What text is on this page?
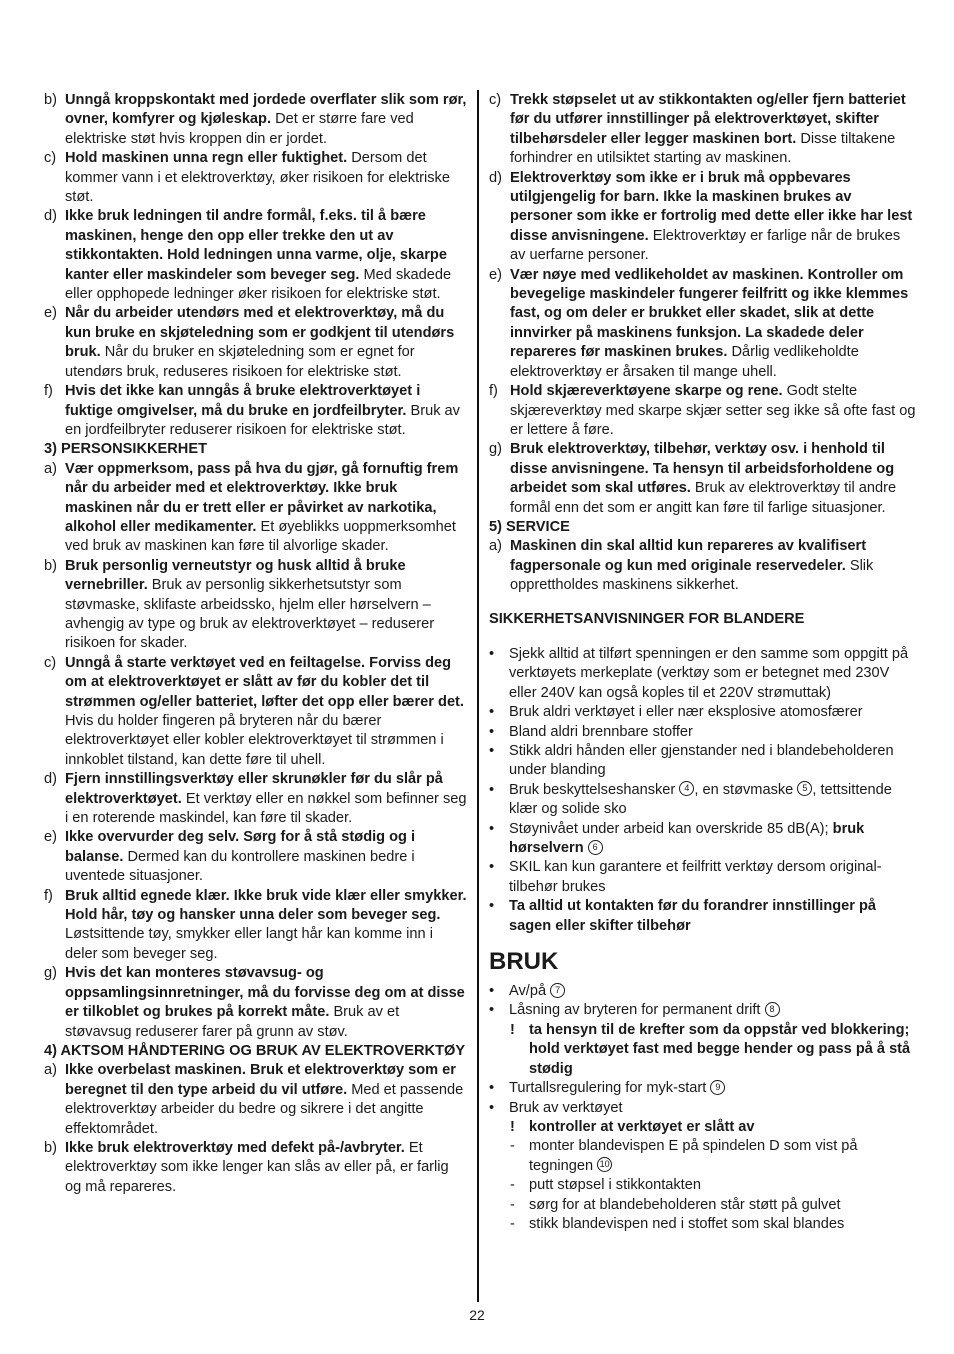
b) Unngå kroppskontakt med jordede overflater slik som rør, ovner, komfyrer og kjøleskap. Det er større fare ved elektriske støt hvis kroppen din er jordet.
c) Hold maskinen unna regn eller fuktighet. Dersom det kommer vann i et elektroverktøy, øker risikoen for elektriske støt.
d) Ikke bruk ledningen til andre formål, f.eks. til å bære maskinen, henge den opp eller trekke den ut av stikkontakten. Hold ledningen unna varme, olje, skarpe kanter eller maskindeler som beveger seg. Med skadede eller opphopede ledninger øker risikoen for elektriske støt.
e) Når du arbeider utendørs med et elektroverktøy, må du kun bruke en skjøteledning som er godkjent til utendørs bruk. Når du bruker en skjøteledning som er egnet for utendørs bruk, reduseres risikoen for elektriske støt.
f) Hvis det ikke kan unngås å bruke elektroverktøyet i fuktige omgivelser, må du bruke en jordfeilbryter. Bruk av en jordfeilbryter reduserer risikoen for elektriske støt.
3) PERSONSIKKERHET
a) Vær oppmerksom, pass på hva du gjør, gå fornuftig frem når du arbeider med et elektroverktøy. Ikke bruk maskinen når du er trett eller er påvirket av narkotika, alkohol eller medikamenter. Et øyeblikks uoppmerksomhet ved bruk av maskinen kan føre til alvorlige skader.
b) Bruk personlig verneutstyr og husk alltid å bruke vernebriller. Bruk av personlig sikkerhetsutstyr som støvmaske, sklifaste arbeidssko, hjelm eller hørselvern – avhengig av type og bruk av elektroverktøyet – reduserer risikoen for skader.
c) Unngå å starte verktøyet ved en feiltagelse. Forviss deg om at elektroverktøyet er slått av før du kobler det til strømmen og/eller batteriet, løfter det opp eller bærer det. Hvis du holder fingeren på bryteren når du bærer elektroverktøyet eller kobler elektroverktøyet til strømmen i innkoblet tilstand, kan dette føre til uhell.
d) Fjern innstillingsverktøy eller skrunøkler før du slår på elektroverktøyet. Et verktøy eller en nøkkel som befinner seg i en roterende maskindel, kan føre til skader.
e) Ikke overvurder deg selv. Sørg for å stå stødig og i balanse. Dermed kan du kontrollere maskinen bedre i uventede situasjoner.
f) Bruk alltid egnede klær. Ikke bruk vide klær eller smykker. Hold hår, tøy og hansker unna deler som beveger seg. Løstsittende tøy, smykker eller langt hår kan komme inn i deler som beveger seg.
g) Hvis det kan monteres støvavsug- og oppsamlingsinnretninger, må du forvisse deg om at disse er tilkoblet og brukes på korrekt måte. Bruk av et støvavsug reduserer farer på grunn av støv.
4) AKTSOM HÅNDTERING OG BRUK AV ELEKTROVERKTØY
a) Ikke overbelast maskinen. Bruk et elektroverktøy som er beregnet til den type arbeid du vil utføre. Med et passende elektroverktøy arbeider du bedre og sikrere i det angitte effektområdet.
b) Ikke bruk elektroverktøy med defekt på-/avbryter. Et elektroverktøy som ikke lenger kan slås av eller på, er farlig og må repareres.
c) Trekk støpselet ut av stikkontakten og/eller fjern batteriet før du utfører innstillinger på elektroverktøyet, skifter tilbehørsdeler eller legger maskinen bort. Disse tiltakene forhindrer en utilsiktet starting av maskinen.
d) Elektroverktøy som ikke er i bruk må oppbevares utilgjengelig for barn. Ikke la maskinen brukes av personer som ikke er fortrolig med dette eller ikke har lest disse anvisningene. Elektroverktøy er farlige når de brukes av uerfarne personer.
e) Vær nøye med vedlikeholdet av maskinen. Kontroller om bevegelige maskindeler fungerer feilfritt og ikke klemmes fast, og om deler er brukket eller skadet, slik at dette innvirker på maskinens funksjon. La skadede deler repareres før maskinen brukes. Dårlig vedlikeholdte elektroverktøy er årsaken til mange uhell.
f) Hold skjæreverktøyene skarpe og rene. Godt stelte skjæreverktøy med skarpe skjær setter seg ikke så ofte fast og er lettere å føre.
g) Bruk elektroverktøy, tilbehør, verktøy osv. i henhold til disse anvisningene. Ta hensyn til arbeidsforholdene og arbeidet som skal utføres. Bruk av elektroverktøy til andre formål enn det som er angitt kan føre til farlige situasjoner.
5) SERVICE
a) Maskinen din skal alltid kun repareres av kvalifisert fagpersonale og kun med originale reservedeler. Slik opprettholdes maskinens sikkerhet.
SIKKERHETSANVISNINGER FOR BLANDERE
• Sjekk alltid at tilført spenningen er den samme som oppgitt på verktøyets merkeplate (verktøy som er betegnet med 230V eller 240V kan også koples til et 220V strømuttak)
• Bruk aldri verktøyet i eller nær eksplosive atomosfærer
• Bland aldri brennbare stoffer
• Stikk aldri hånden eller gjenstander ned i blandebeholderen under blanding
• Bruk beskyttelseshansker 4 , en støvmaske 5 , tettsittende klær og solide sko
• Støynivået under arbeid kan overskride 85 dB(A); bruk hørselvern 6
• SKIL kan kun garantere et feilfritt verktøy dersom original-tilbehør brukes
• Ta alltid ut kontakten før du forandrer innstillinger på sagen eller skifter tilbehør
BRUK
• Av/på 7
• Låsning av bryteren for permanent drift 8
! ta hensyn til de krefter som da oppstår ved blokkering; hold verktøyet fast med begge hender og pass på å stå stødig
• Turtallsregulering for myk-start 9
• Bruk av verktøyet
! kontroller at verktøyet er slått av
- monter blandevispen E på spindelen D som vist på tegningen 10
- putt støpsel i stikkontakten
- sørg for at blandebeholderen står støtt på gulvet
- stikk blandevispen ned i stoffet som skal blandes
22
